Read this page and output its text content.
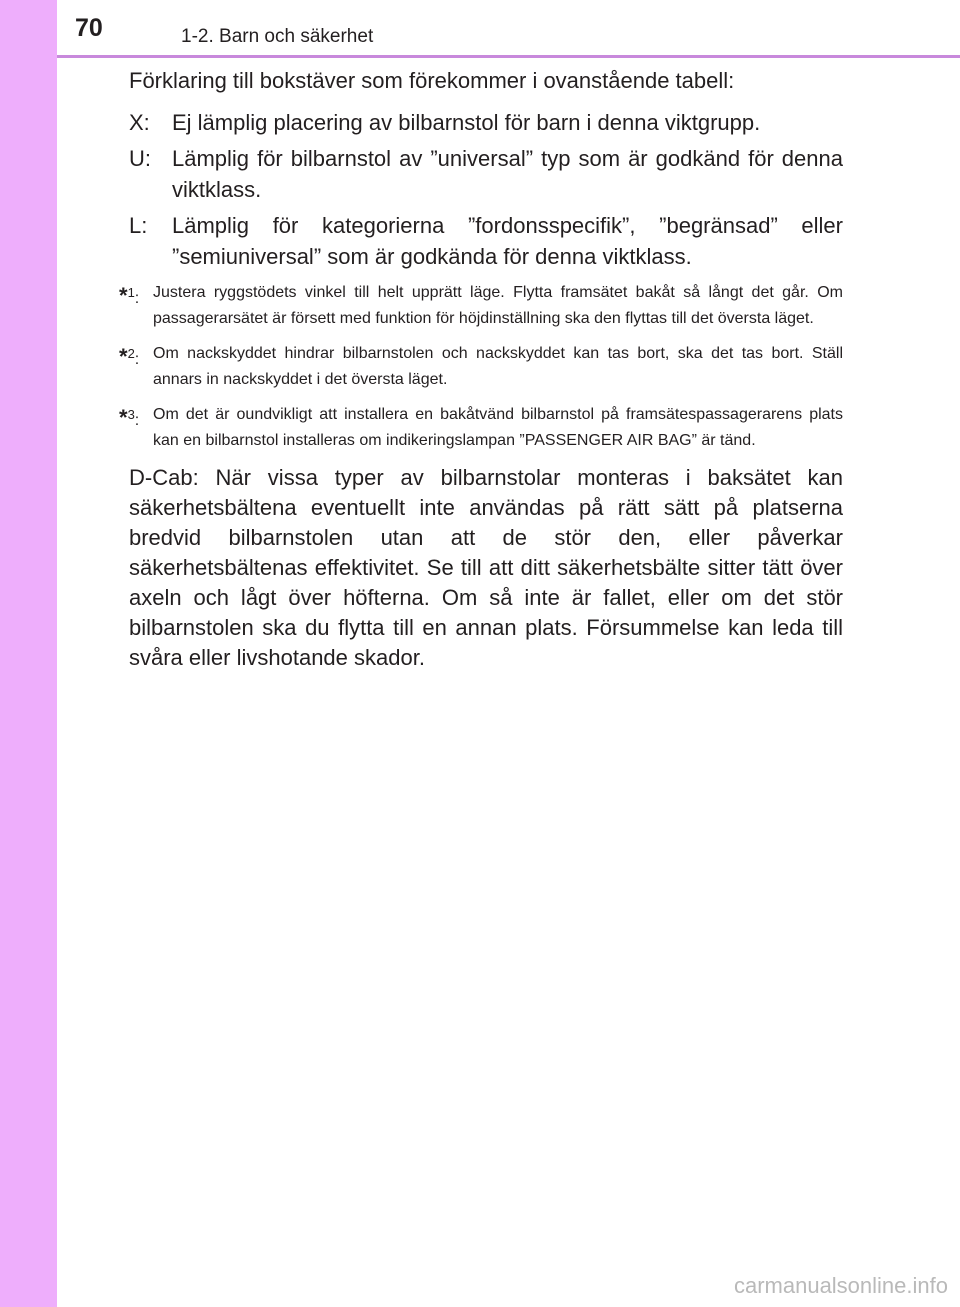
70	1-2. Barn och säkerhet

Förklaring till bokstäver som förekommer i ovanstående tabell:

X:	Ej lämplig placering av bilbarnstol för barn i denna viktgrupp.
U: Lämplig för bilbarnstol av ”universal” typ som är godkänd för denna viktklass.
L:	Lämplig för kategorierna ”fordonsspecifik”, ”begränsad” eller ”semiuniversal” som är godkända för denna viktklass.
*$^1$: Justera ryggstödets vinkel till helt upprätt läge. Flytta framsätet bakåt så långt det går. Om passagerarsätet är försett med funktion för höjdinställning ska den flyttas till det översta läget.
*$^2$: Om nackskyddet hindrar bilbarnstolen och nackskyddet kan tas bort, ska det tas bort. Ställ annars in nackskyddet i det översta läget.
*$^3$: Om det är oundvikligt att installera en bakåtvänd bilbarnstol på framsätespassagerarens plats kan en bilbarnstol installeras om indikeringslampan ”PASSENGER AIR BAG” är tänd.

D-Cab: När vissa typer av bilbarnstolar monteras i baksätet kan säkerhetsbältena eventuellt inte användas på rätt sätt på platserna bredvid bilbarnstolen utan att de stör den, eller påverkar säkerhetsbältenas effektivitet. Se till att ditt säkerhetsbälte sitter tätt över axeln och lågt över höfterna. Om så inte är fallet, eller om det stör bilbarnstolen ska du flytta till en annan plats. Försummelse kan leda till svåra eller livshotande skador.

carmanualsonline.info
